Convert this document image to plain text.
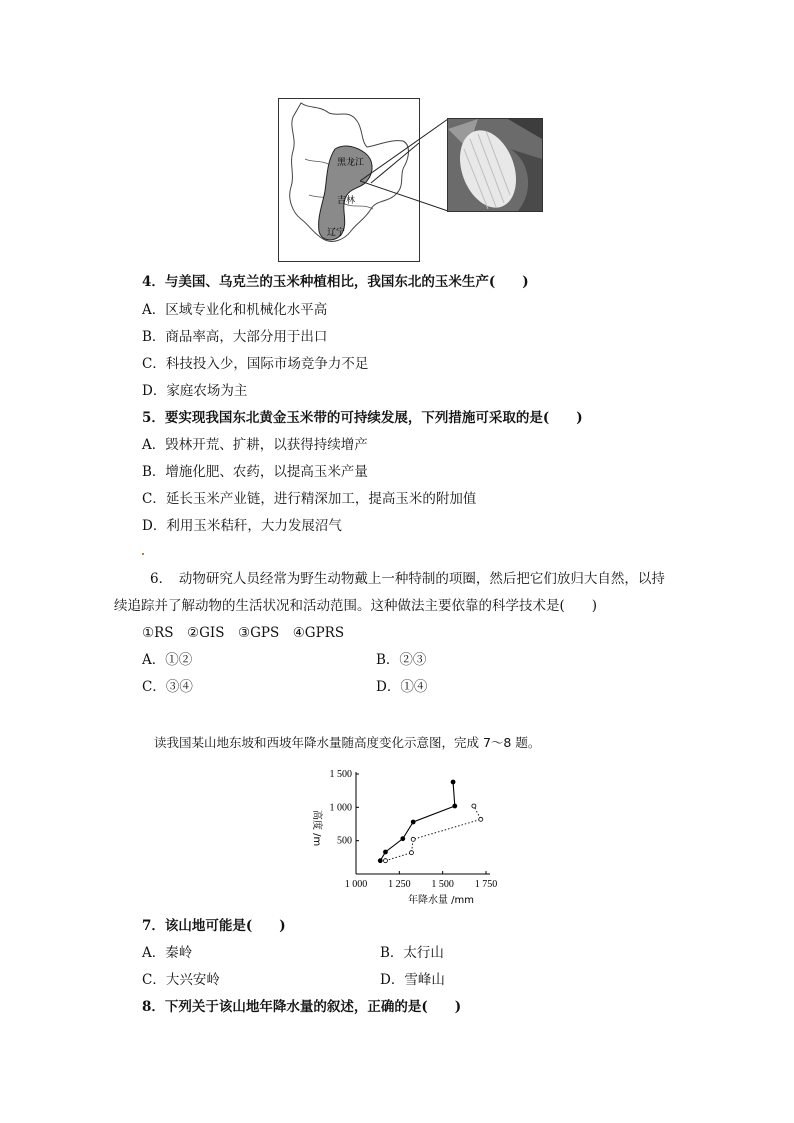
黑龙江
吉林
辽宁
4．与美国、乌克兰的玉米种植相比，我国东北的玉米生产(　　)
A．区域专业化和机械化水平高
B．商品率高，大部分用于出口
C．科技投入少，国际市场竞争力不足
D．家庭农场为主
5．要实现我国东北黄金玉米带的可持续发展，下列措施可采取的是(　　)
A．毁林开荒、扩耕，以获得持续增产
B．增施化肥、农药，以提高玉米产量
C．延长玉米产业链，进行精深加工，提高玉米的附加值
D．利用玉米秸秆，大力发展沼气
6．　动物研究人员经常为野生动物戴上一种特制的项圈，然后把它们放归大自然，以持
续追踪并了解动物的生活状况和活动范围。这种做法主要依靠的科学技术是(　　)
①RS　②GIS　③GPS　④GPRS
A．①②	B．②③
C．③④	D．①④
读我国某山地东坡和西坡年降水量随高度变化示意图，完成 7～8 题。
1 000 1 250 1 500 1 750
500
1 000
1 500
高度 /m
年降水量 /mm
7．该山地可能是(　　)
A．秦岭	B．太行山
C．大兴安岭	D．雪峰山
8．下列关于该山地年降水量的叙述，正确的是(　　)
